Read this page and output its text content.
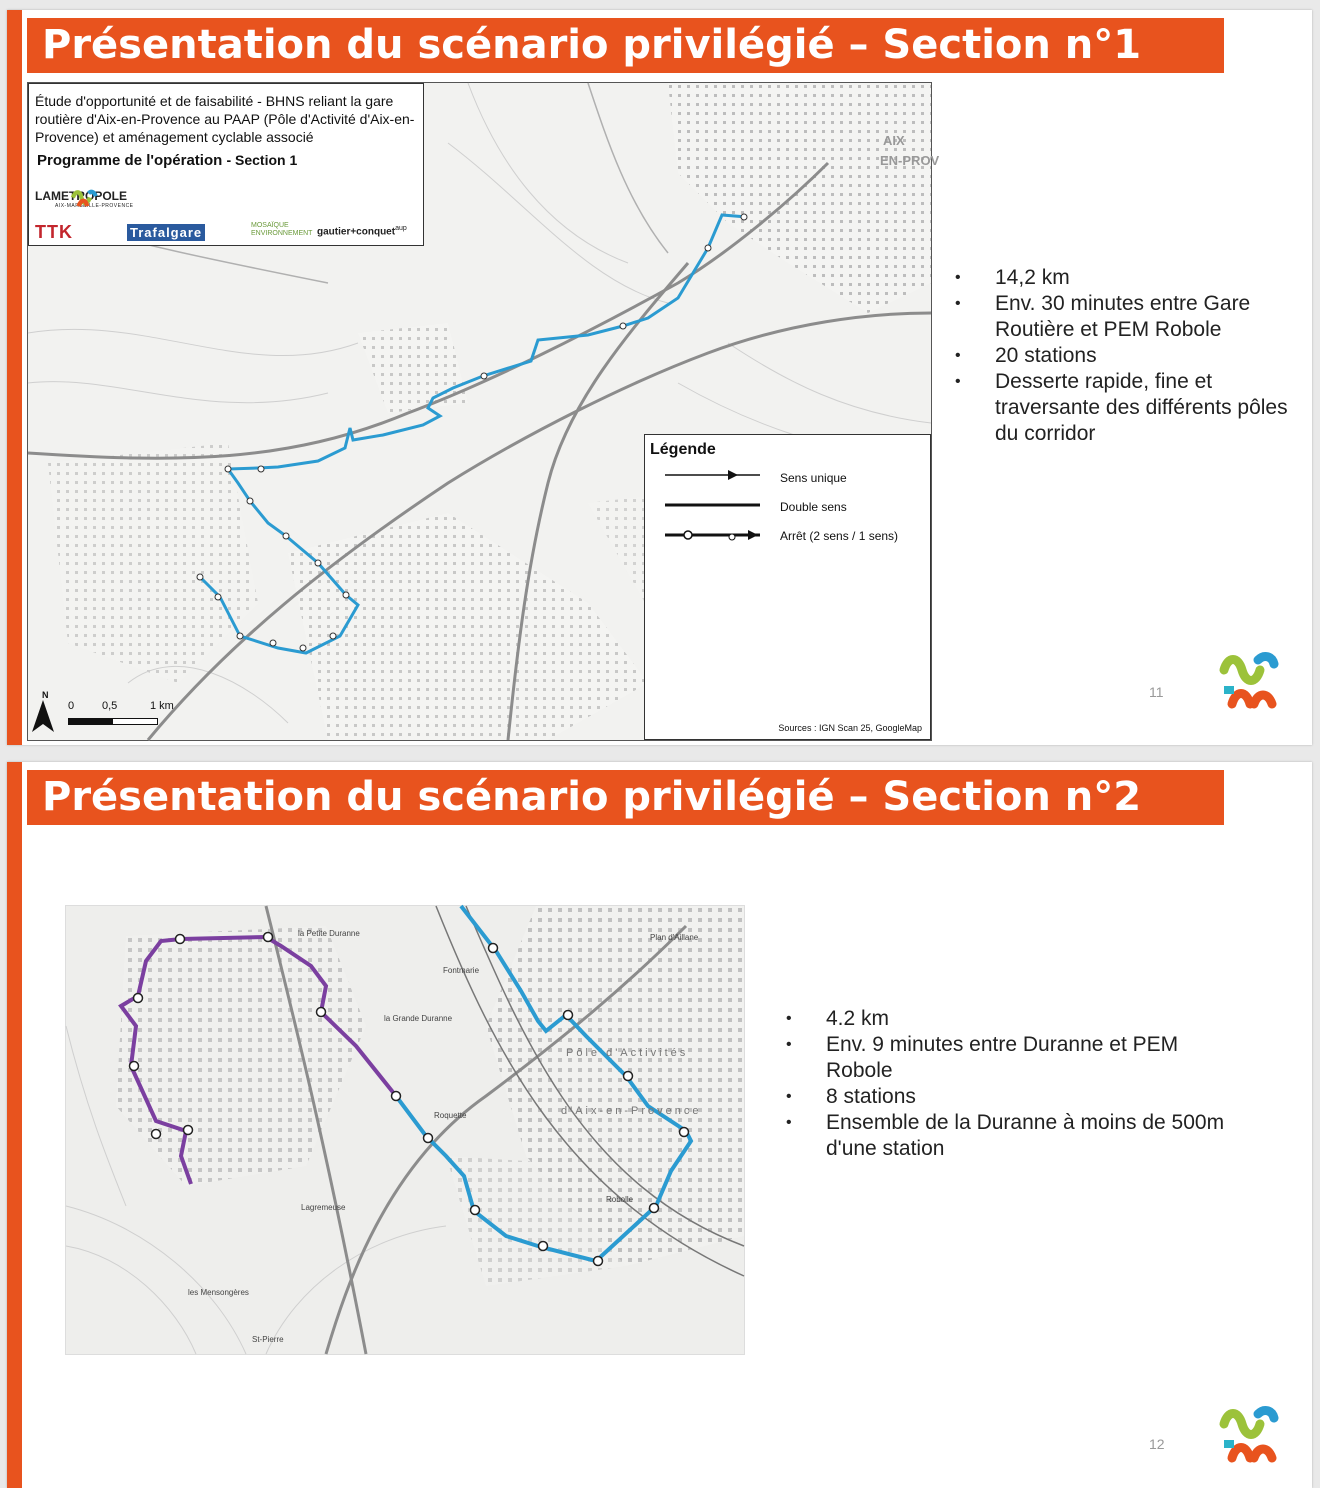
Présentation du scénario privilégié – Section n°1
AIX
EN-PROV
Étude d'opportunité et de faisabilité - BHNS reliant la gare routière d'Aix-en-Provence au PAAP (Pôle d'Activité d'Aix-en-Provence) et aménagement cyclable associé
Programme de l'opération - Section 1
LAMETROPOLE
AIX-MARSEILLE-PROVENCE
TTK	Trafalgare	MOSAÏQUE ENVIRONNEMENT gautier+conquet$^{aup}$
Légende
Sens unique
Double sens
Arrêt (2 sens / 1 sens)
Sources : IGN Scan 25, GoogleMap
N
0	0,5	1 km
• 14,2 km
• Env. 30 minutes entre Gare Routière et PEM Robole
• 20 stations
• Desserte rapide, fine et traversante des différents pôles du corridor
11
Présentation du scénario privilégié – Section n°2
la Petite Duranne	Plan d'Aillane
Fontmarie
la Grande Duranne
Pôle d'Activités
d'Aix-en-Provence
Roquette
Robolle
Lagremeuse
les Mensongères
St-Pierre
• 4.2 km
• Env. 9 minutes entre Duranne et PEM Robole
• 8 stations
• Ensemble de la Duranne à moins de 500m d'une station
12
